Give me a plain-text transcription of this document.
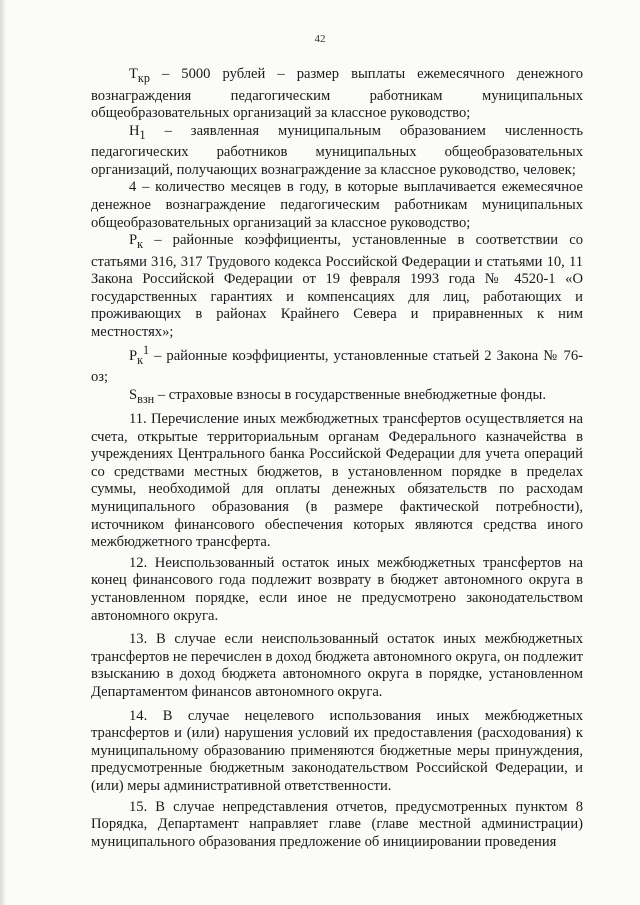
42

$Т_{кр} - 5000$ рублей – размер выплаты ежемесячного денежного вознаграждения педагогическим работникам муниципальных общеобразовательных организаций за классное руководство;

$Н_1$ – заявленная муниципальным образованием численность педагогических работников муниципальных общеобразовательных организаций, получающих вознаграждение за классное руководство, человек;

4 – количество месяцев в году, в которые выплачивается ежемесячное денежное вознаграждение педагогическим работникам муниципальных общеобразовательных организаций за классное руководство;

$Р_к$ – районные коэффициенты, установленные в соответствии со статьями 316, 317 Трудового кодекса Российской Федерации и статьями 10, 11 Закона Российской Федерации от 19 февраля 1993 года № 4520-1 «О государственных гарантиях и компенсациях для лиц, работающих и проживающих в районах Крайнего Севера и приравненных к ним местностях»;

$Р_к^1$ – районные коэффициенты, установленные статьей 2 Закона № 76-оз;

$S_{взн}$ – страховые взносы в государственные внебюджетные фонды.

11. Перечисление иных межбюджетных трансфертов осуществляется на счета, открытые территориальным органам Федерального казначейства в учреждениях Центрального банка Российской Федерации для учета операций со средствами местных бюджетов, в установленном порядке в пределах суммы, необходимой для оплаты денежных обязательств по расходам муниципального образования (в размере фактической потребности), источником финансового обеспечения которых являются средства иного межбюджетного трансферта.

12. Неиспользованный остаток иных межбюджетных трансфертов на конец финансового года подлежит возврату в бюджет автономного округа в установленном порядке, если иное не предусмотрено законодательством автономного округа.

13. В случае если неиспользованный остаток иных межбюджетных трансфертов не перечислен в доход бюджета автономного округа, он подлежит взысканию в доход бюджета автономного округа в порядке, установленном Департаментом финансов автономного округа.

14. В случае нецелевого использования иных межбюджетных трансфертов и (или) нарушения условий их предоставления (расходования) к муниципальному образованию применяются бюджетные меры принуждения, предусмотренные бюджетным законодательством Российской Федерации, и (или) меры административной ответственности.

15. В случае непредставления отчетов, предусмотренных пунктом 8 Порядка, Департамент направляет главе (главе местной администрации) муниципального образования предложение об инициировании проведения
